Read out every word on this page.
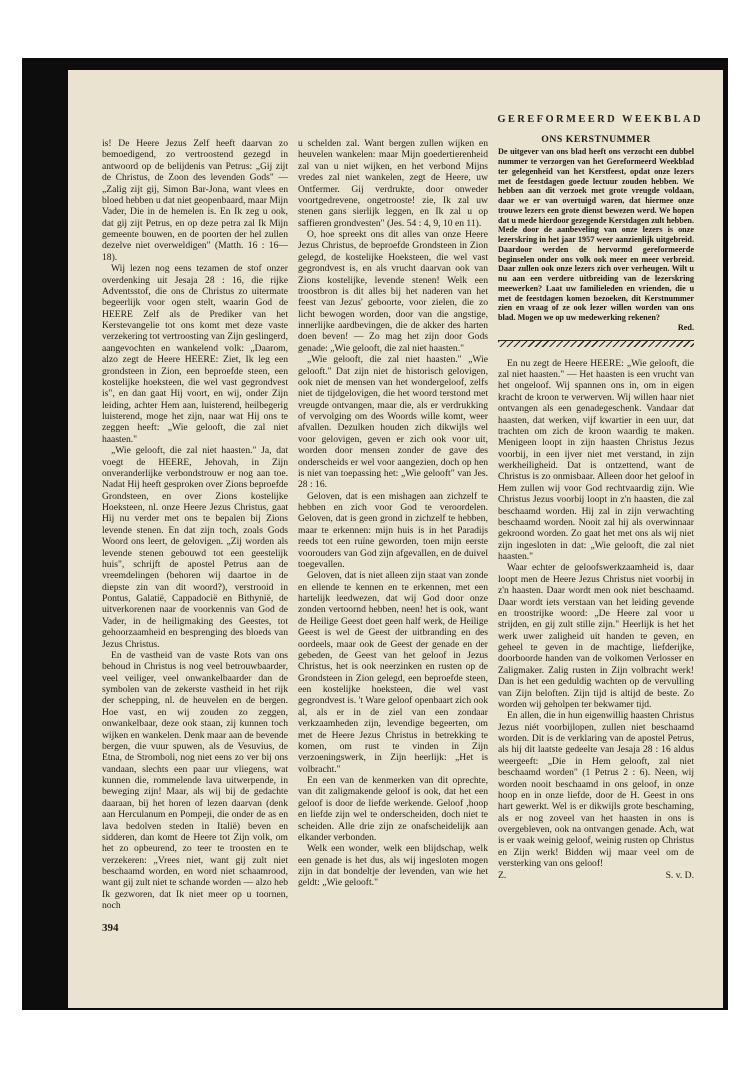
GEREFORMEERD WEEKBLAD

is! De Heere Jezus Zelf heeft daarvan zo bemoedigend, zo vertroostend gezegd in antwoord op de belijdenis van Petrus: „Gij zijt de Christus, de Zoon des levenden Gods" — „Zalig zijt gij, Simon Bar-Jona, want vlees en bloed hebben u dat niet geopenbaard, maar Mijn Vader, Die in de hemelen is. En Ik zeg u ook, dat gij zijt Petrus, en op deze petra zal Ik Mijn gemeente bouwen, en de poorten der hel zullen dezelve niet overweldigen" (Matth. 16 : 16—18).

Wij lezen nog eens tezamen de stof onzer overdenking uit Jesaja 28 : 16, die rijke Adventsstof, die ons de Christus zo uitermate begeerlijk voor ogen stelt, waarin God de HEERE Zelf als de Prediker van het Kerstevangelie tot ons komt met deze vaste verzekering tot vertroosting van Zijn geslingerd, aangevochten en wankelend volk: „Daarom, alzo zegt de Heere HEERE: Ziet, Ik leg een grondsteen in Zion, een beproefde steen, een kostelijke hoeksteen, die wel vast gegrondvest is", en dan gaat Hij voort, en wij, onder Zijn leiding, achter Hem aan, luisterend, heilbegerig luisterend, moge het zijn, naar wat Hij ons te zeggen heeft: „Wie gelooft, die zal niet haasten."

„Wie gelooft, die zal niet haasten." Ja, dat voegt de HEERE, Jehovah, in Zijn onveranderlijke verbondstrouw er nog aan toe. Nadat Hij heeft gesproken over Zions beproefde Grondsteen, en over Zions kostelijke Hoeksteen, nl. onze Heere Jezus Christus, gaat Hij nu verder met ons te bepalen bij Zions levende stenen. En dat zijn toch, zoals Gods Woord ons leert, de gelovigen. „Zij worden als levende stenen gebouwd tot een geestelijk huis", schrijft de apostel Petrus aan de vreemdelingen (behoren wij daartoe in de diepste zin van dit woord?), verstrooid in Pontus, Galatië, Cappadocië en Bithynië, de uitverkorenen naar de voorkennis van God de Vader, in de heiligmaking des Geestes, tot gehoorzaamheid en besprenging des bloeds van Jezus Christus.

En de vastheid van de vaste Rots van ons behoud in Christus is nog veel betrouwbaarder, veel veiliger, veel onwankelbaarder dan de symbolen van de zekerste vastheid in het rijk der schepping, nl. de heuvelen en de bergen. Hoe vast, en wij zouden zo zeggen, onwankelbaar, deze ook staan, zij kunnen toch wijken en wankelen. Denk maar aan de bevende bergen, die vuur spuwen, als de Vesuvius, de Etna, de Stromboli, nog niet eens zo ver bij ons vandaan, slechts een paar uur vliegens, wat kunnen die, rommelende lava uitwerpende, in beweging zijn! Maar, als wij bij de gedachte daaraan, bij het horen of lezen daarvan (denk aan Herculanum en Pompeji, die onder de as en lava bedolven steden in Italië) beven en sidderen, dan komt de Heere tot Zijn volk, om het zo opbeurend, zo teer te troosten en te verzekeren: „Vrees niet, want gij zult niet beschaamd worden, en word niet schaamrood, want gij zult niet te schande worden — alzo heb Ik gezworen, dat Ik niet meer op u toornen, noch

u schelden zal. Want bergen zullen wijken en heuvelen wankelen: maar Mijn goedertierenheid zal van u niet wijken, en het verbond Mijns vredes zal niet wankelen, zegt de Heere, uw Ontfermer. Gij verdrukte, door onweder voortgedrevene, ongetrooste! zie, Ik zal uw stenen gans sierlijk leggen, en Ik zal u op saffieren grondvesten" (Jes. 54 : 4, 9, 10 en 11).

O, hoe spreekt ons dit alles van onze Heere Jezus Christus, de beproefde Grondsteen in Zion gelegd, de kostelijke Hoeksteen, die wel vast gegrondvest is, en als vrucht daarvan ook van Zions kostelijke, levende stenen! Welk een troostbron is dit alles bij het naderen van het feest van Jezus' geboorte, voor zielen, die zo licht bewogen worden, door van die angstige, innerlijke aardbevingen, die de akker des harten doen beven! — Zo mag het zijn door Gods genade: „Wie gelooft, die zal niet haasten."

„Wie gelooft, die zal niet haasten." „Wie gelooft." Dat zijn niet de historisch gelovigen, ook niet de mensen van het wondergeloof, zelfs niet de tijdgelovigen, die het woord terstond met vreugde ontvangen, maar die, als er verdrukking of vervolging om des Woords wille komt, weer afvallen. Dezulken houden zich dikwijls wel voor gelovigen, geven er zich ook voor uit, worden door mensen zonder de gave des onderscheids er wel voor aangezien, doch op hen is niet van toepassing het: „Wie gelooft" van Jes. 28 : 16.

Geloven, dat is een mishagen aan zichzelf te hebben en zich voor God te veroordelen. Geloven, dat is geen grond in zichzelf te hebben, maar te erkennen: mijn huis is in het Paradijs reeds tot een ruïne geworden, toen mijn eerste voorouders van God zijn afgevallen, en de duivel toegevallen.

Geloven, dat is niet alleen zijn staat van zonde en ellende te kennen en te erkennen, met een hartelijk leedwezen, dat wij God door onze zonden vertoornd hebben, neen! het is ook, want de Heilige Geest doet geen half werk, de Heilige Geest is wel de Geest der uitbranding en des oordeels, maar ook de Geest der genade en der gebeden, de Geest van het geloof in Jezus Christus, het is ook neerzinken en rusten op de Grondsteen in Zion gelegd, een beproefde steen, een kostelijke hoeksteen, die wel vast gegrondvest is. 't Ware geloof openbaart zich ook al, als er in de ziel van een zondaar verkzaamheden zijn, levendige begeerten, om met de Heere Jezus Christus in betrekking te komen, om rust te vinden in Zijn verzoeningswerk, in Zijn heerlijk: „Het is volbracht."

En een van de kenmerken van dit oprechte, van dit zaligmakende geloof is ook, dat het een geloof is door de liefde werkende. Geloof ,hoop en liefde zijn wel te onderscheiden, doch niet te scheiden. Alle drie zijn ze onafscheidelijk aan elkander verbonden.

Welk een wonder, welk een blijdschap, welk een genade is het dus, als wij ingesloten mogen zijn in dat bondeltje der levenden, van wie het geldt: „Wie gelooft."

ONS KERSTNUMMER

De uitgever van ons blad heeft ons verzocht een dubbel nummer te verzorgen van het Gereformeerd Weekblad ter gelegenheid van het Kerstfeest, opdat onze lezers met de feestdagen goede lectuur zouden hebben. We hebben aan dit verzoek met grote vreugde voldaan, daar we er van overtuigd waren, dat hiermee onze trouwe lezers een grote dienst bewezen werd. We hopen dat u mede hierdoor gezegende Kerstdagen zult hebben. Mede door de aanbeveling van onze lezers is onze lezerskring in het jaar 1957 weer aanzienlijk uitgebreid. Daardoor werden de hervormd gereformeerde beginselen onder ons volk ook meer en meer verbreid. Daar zullen ook onze lezers zich over verheugen. Wilt u nu aan een verdere uitbreiding van de lezerskring meewerken? Laat uw familieleden en vrienden, die u met de feestdagen komen bezoeken, dit Kerstnummer zien en vraag of ze ook lezer willen worden van ons blad. Mogen we op uw medewerking rekenen?

Red.

En nu zegt de Heere HEERE: „Wie gelooft, die zal niet haasten." — Het haasten is een vrucht van het ongeloof. Wij spannen ons in, om in eigen kracht de kroon te verwerven. Wij willen haar niet ontvangen als een genadegeschenk. Vandaar dat haasten, dat werken, vijf kwartier in een uur, dat trachten om zich de kroon waardig te maken. Menigeen loopt in zijn haasten Christus Jezus voorbij, in een ijver niet met verstand, in zijn werkheiligheid. Dat is ontzettend, want de Christus is zo onmisbaar. Alleen door het geloof in Hem zullen wij voor God rechtvaardig zijn. Wie Christus Jezus voorbij loopt in z'n haasten, die zal beschaamd worden. Hij zal in zijn verwachting beschaamd worden. Nooit zal hij als overwinnaar gekroond worden. Zo gaat het met ons als wij niet zijn ingesloten in dat: „Wie gelooft, die zal niet haasten."

Waar echter de geloofswerkzaamheid is, daar loopt men de Heere Jezus Christus niet voorbij in z'n haasten. Daar wordt men ook niet beschaamd. Daar wordt iets verstaan van het leiding gevende en troostrijke woord: „De Heere zal voor u strijden, en gij zult stille zijn." Heerlijk is het het werk uwer zaligheid uit handen te geven, en geheel te geven in de machtige, liefderijke, doorboorde handen van de volkomen Verlosser en Zaligmaker. Zalig rusten in Zijn volbracht werk! Dan is het een geduldig wachten op de vervulling van Zijn beloften. Zijn tijd is altijd de beste. Zo worden wij geholpen ter bekwamer tijd.

En allen, die in hun eigenwillig haasten Christus Jezus niét voorbijlopen, zullen niet beschaamd worden. Dit is de verklaring van de apostel Petrus, als hij dit laatste gedeelte van Jesaja 28 : 16 aldus weergeeft: „Die in Hem gelooft, zal niet beschaamd worden" (1 Petrus 2 : 6). Neen, wij worden nooit beschaamd in ons geloof, in onze hoop en in onze liefde, door de H. Geest in ons hart gewerkt. Wel is er dikwijls grote beschaming, als er nog zoveel van het haasten in ons is overgebleven, ook na ontvangen genade. Ach, wat is er vaak weinig geloof, weinig rusten op Christus en Zijn werk! Bidden wij maar veel om de versterking van ons geloof!

Z.	S. v. D.
394
